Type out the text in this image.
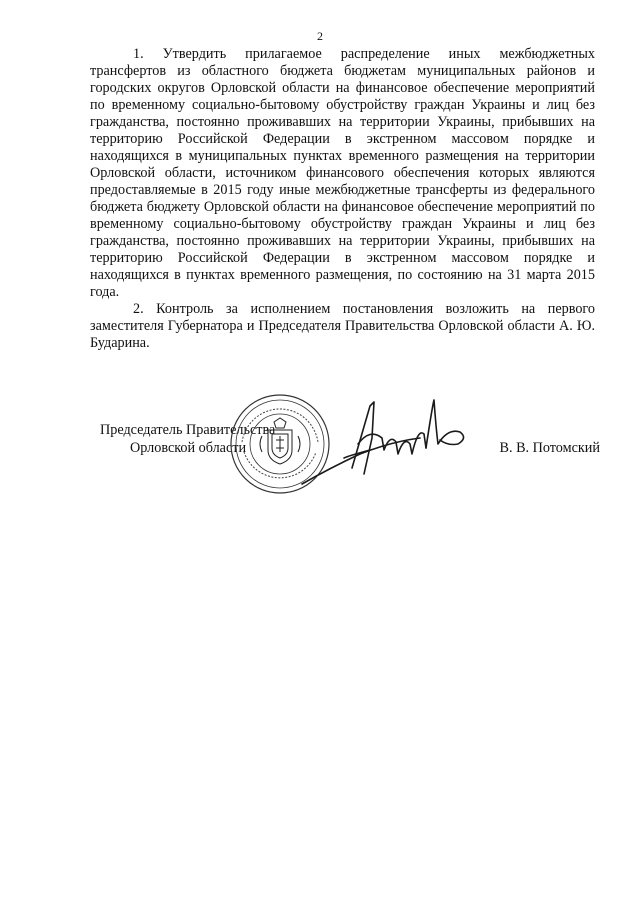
2

1. Утвердить прилагаемое распределение иных межбюджетных трансфертов из областного бюджета бюджетам муниципальных районов и городских округов Орловской области на финансовое обеспечение мероприятий по временному социально-бытовому обустройству граждан Украины и лиц без гражданства, постоянно проживавших на территории Украины, прибывших на территорию Российской Федерации в экстренном массовом порядке и находящихся в муниципальных пунктах временного размещения на территории Орловской области, источником финансового обеспечения которых являются предоставляемые в 2015 году иные межбюджетные трансферты из федерального бюджета бюджету Орловской области на финансовое обеспечение мероприятий по временному социально-бытовому обустройству граждан Украины и лиц без гражданства, постоянно проживавших на территории Украины, прибывших на территорию Российской Федерации в экстренном массовом порядке и находящихся в пунктах временного размещения, по состоянию на 31 марта 2015 года.

2. Контроль за исполнением постановления возложить на первого заместителя Губернатора и Председателя Правительства Орловской области А. Ю. Бударина.

Председатель Правительства
Орловской области	В. В. Потомский
